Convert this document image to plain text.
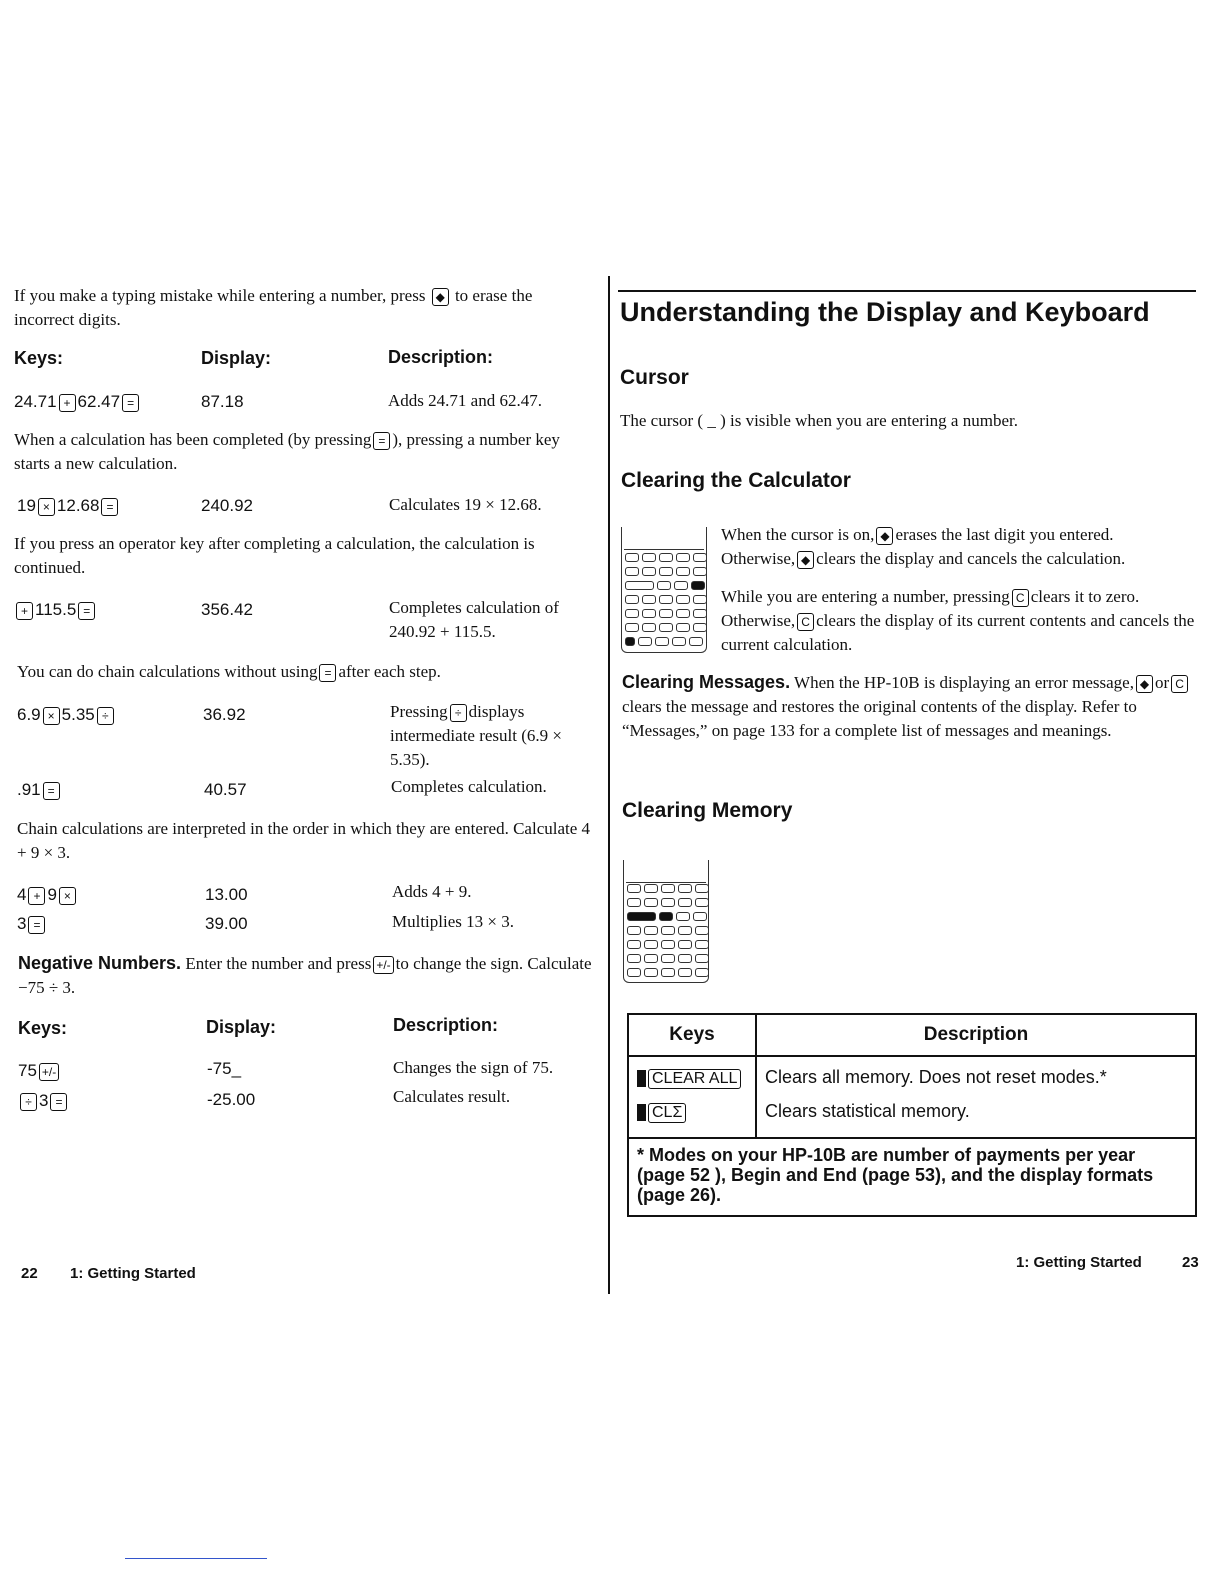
If you make a typing mistake while entering a number, press ◆ to erase the incorrect digits.
Keys:	Display:	Description:
24.71 + 62.47 =	87.18	Adds 24.71 and 62.47.
When a calculation has been completed (by pressing = ), pressing a number key starts a new calculation.
19 × 12.68 =	240.92	Calculates 19 × 12.68.
If you press an operator key after completing a calculation, the calculation is continued.
+ 115.5 =	356.42	Completes calculation of 240.92 + 115.5.
You can do chain calculations without using = after each step.
6.9 × 5.35 ÷	36.92	Pressing ÷ displays intermediate result (6.9 × 5.35).
.91 =	40.57	Completes calculation.
Chain calculations are interpreted in the order in which they are entered. Calculate 4 + 9 × 3.
4 + 9 ×	13.00	Adds 4 + 9.
3 =	39.00	Multiplies 13 × 3.
Negative Numbers. Enter the number and press +/- to change the sign. Calculate −75 ÷ 3.
Keys:	Display:	Description:
75 +/-	-75_	Changes the sign of 75.
÷ 3 =	-25.00	Calculates result.
22 1: Getting Started
Understanding the Display and Keyboard
Cursor
The cursor ( _ ) is visible when you are entering a number.
Clearing the Calculator
When the cursor is on, ◆ erases the last digit you entered. Otherwise, ◆ clears the display and cancels the calculation.
While you are entering a number, pressing C clears it to zero. Otherwise, C clears the display of its current contents and cancels the current calculation.
Clearing Messages. When the HP-10B is displaying an error message, ◆ or Cclears the message and restores the original contents of the display. Refer to “Messages,” on page 133 for a complete list of messages and meanings.
Clearing Memory
Keys	Description
CLEAR ALL	Clears all memory. Does not reset modes.*
CLΣ	Clears statistical memory.
* Modes on your HP-10B are number of payments per year (page 52 ), Begin and End (page 53), and the display formats (page 26).	
1: Getting Started	23
